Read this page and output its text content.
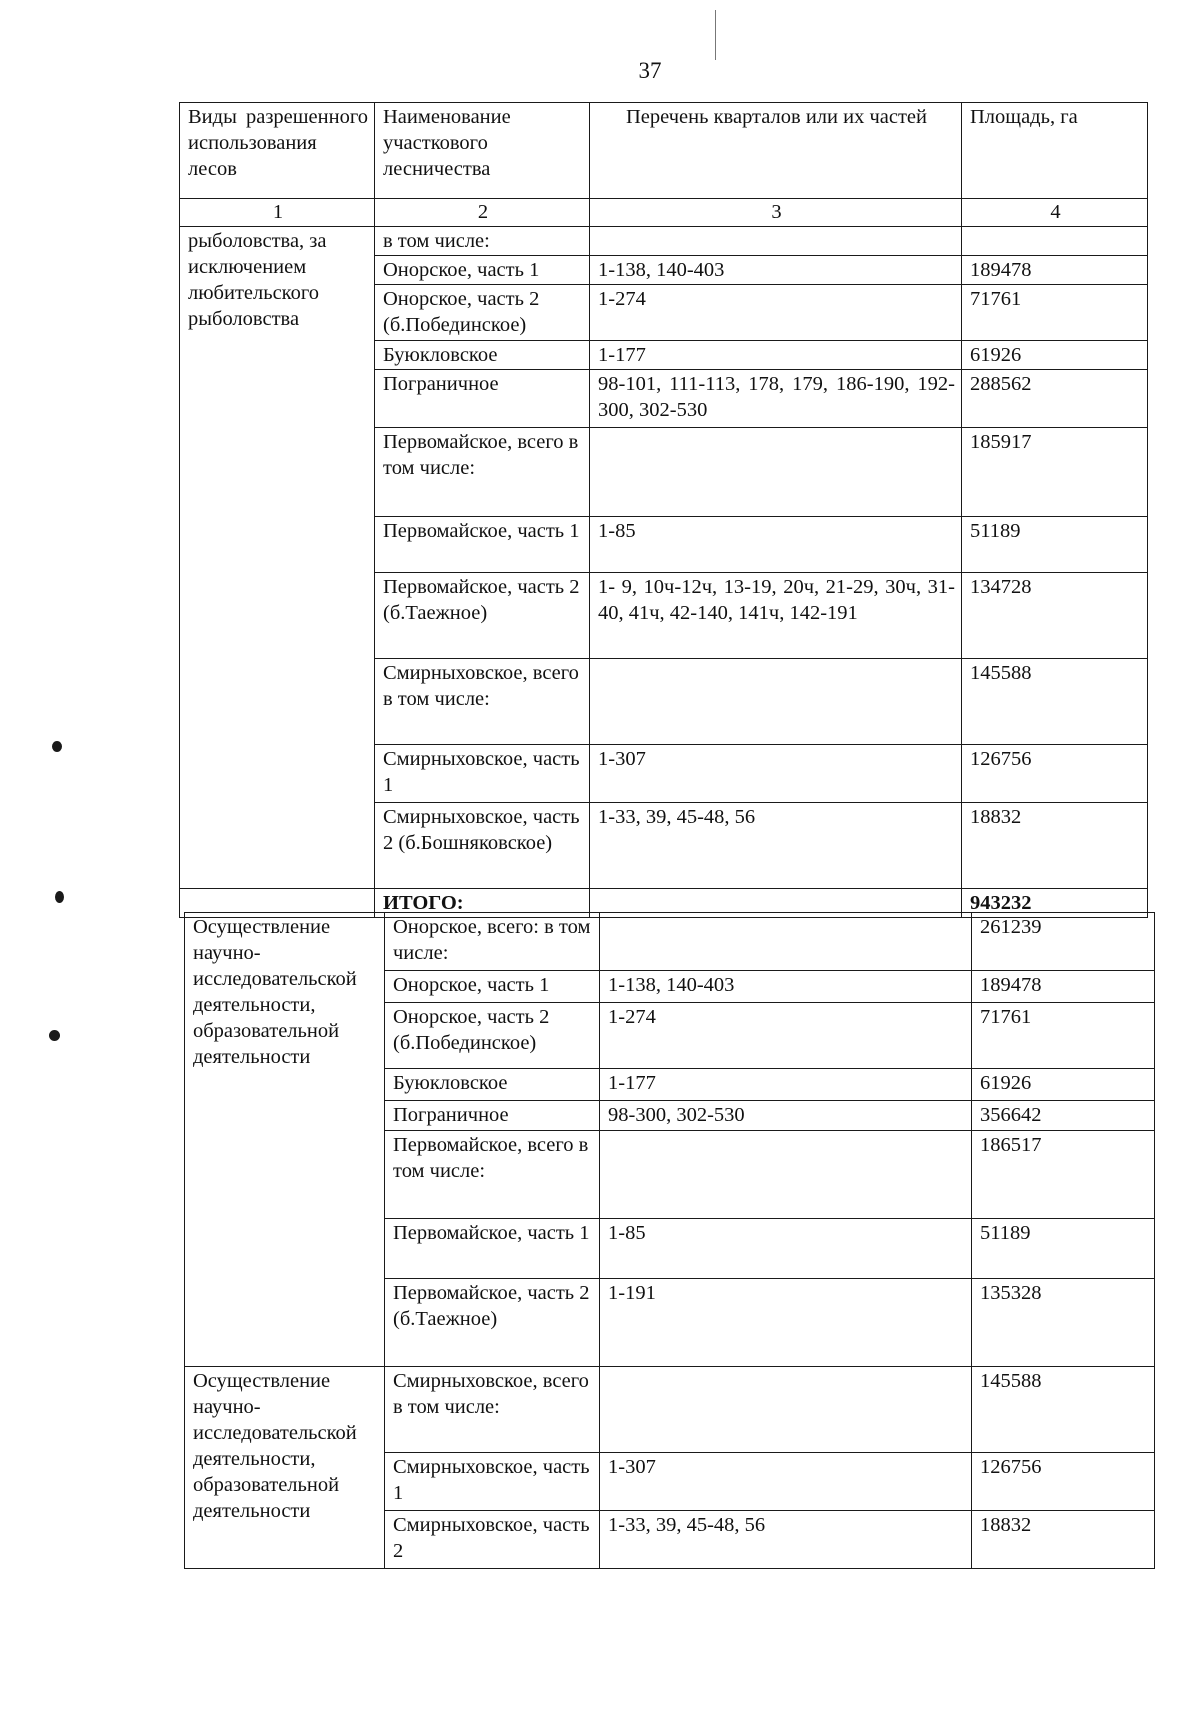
37
Виды разрешенного использования лесов	Наименование участкового лесничества	Перечень кварталов или их частей	Площадь, га
1	2	3	4
рыболовства, за исключением любительского рыболовства	в том числе:		
	Онорское, часть 1	1-138, 140-403	189478
	Онорское, часть 2 (б.Побединское)	1-274	71761
	Буюкловское	1-177	61926
	Пограничное	98-101, 111-113, 178, 179, 186-190, 192-300, 302-530	288562
	Первомайское, всего в том числе:		185917
	Первомайское, часть 1	1-85	51189
	Первомайское, часть 2 (б.Таежное)	1- 9, 10ч-12ч, 13-19, 20ч, 21-29, 30ч, 31-40, 41ч, 42-140, 141ч, 142-191	134728
	Смирныховское, всего в том числе:		145588
	Смирныховское, часть 1	1-307	126756
	Смирныховское, часть 2 (б.Бошняковское)	1-33, 39, 45-48, 56	18832
	ИТОГО:		943232
Осуществление научно-исследовательской деятельности, образовательной деятельности	Онорское, всего: в том числе:		261239
	Онорское, часть 1	1-138, 140-403	189478
	Онорское, часть 2 (б.Побединское)	1-274	71761
	Буюкловское	1-177	61926
	Пограничное	98-300, 302-530	356642
	Первомайское, всего в том числе:		186517
	Первомайское, часть 1	1-85	51189
	Первомайское, часть 2 (б.Таежное)	1-191	135328
Осуществление научно-исследовательской деятельности, образовательной деятельности	Смирныховское, всего в том числе:		145588
	Смирныховское, часть 1	1-307	126756
	Смирныховское, часть 2	1-33, 39, 45-48, 56	18832
